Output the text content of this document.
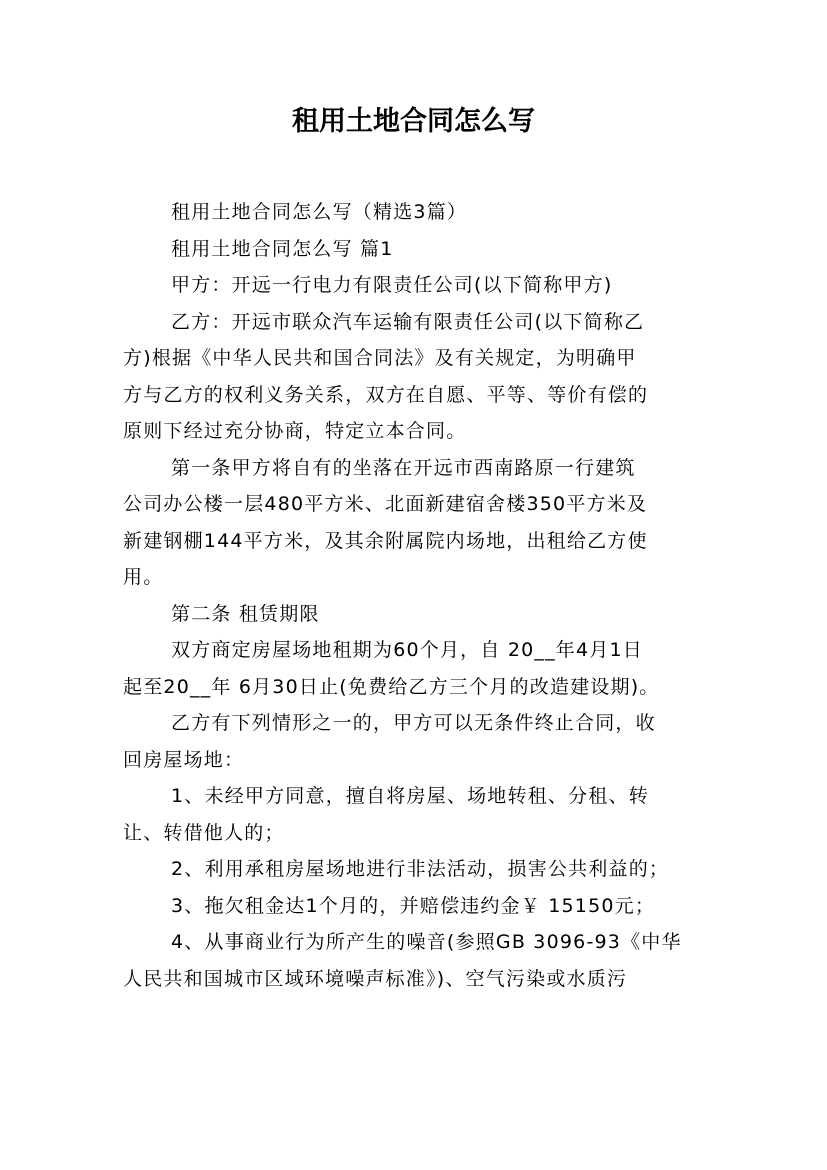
租用土地合同怎么写
租用土地合同怎么写（精选3篇）
租用土地合同怎么写 篇1
甲方：开远一行电力有限责任公司(以下简称甲方)
乙方：开远市联众汽车运输有限责任公司(以下简称乙
方)根据《中华人民共和国合同法》及有关规定，为明确甲
方与乙方的权利义务关系，双方在自愿、平等、等价有偿的
原则下经过充分协商，特定立本合同。
第一条甲方将自有的坐落在开远市西南路原一行建筑
公司办公楼一层480平方米、北面新建宿舍楼350平方米及
新建钢棚144平方米，及其余附属院内场地，出租给乙方使
用。
第二条 租赁期限
双方商定房屋场地租期为60个月，自 20__年4月1日
起至20__年 6月30日止(免费给乙方三个月的改造建设期)。
乙方有下列情形之一的，甲方可以无条件终止合同，收
回房屋场地：
1、未经甲方同意，擅自将房屋、场地转租、分租、转
让、转借他人的；
2、利用承租房屋场地进行非法活动，损害公共利益的；
3、拖欠租金达1个月的，并赔偿违约金￥ 15150元；
4、从事商业行为所产生的噪音(参照GB 3096-93《中华
人民共和国城市区域环境噪声标准》)、空气污染或水质污
